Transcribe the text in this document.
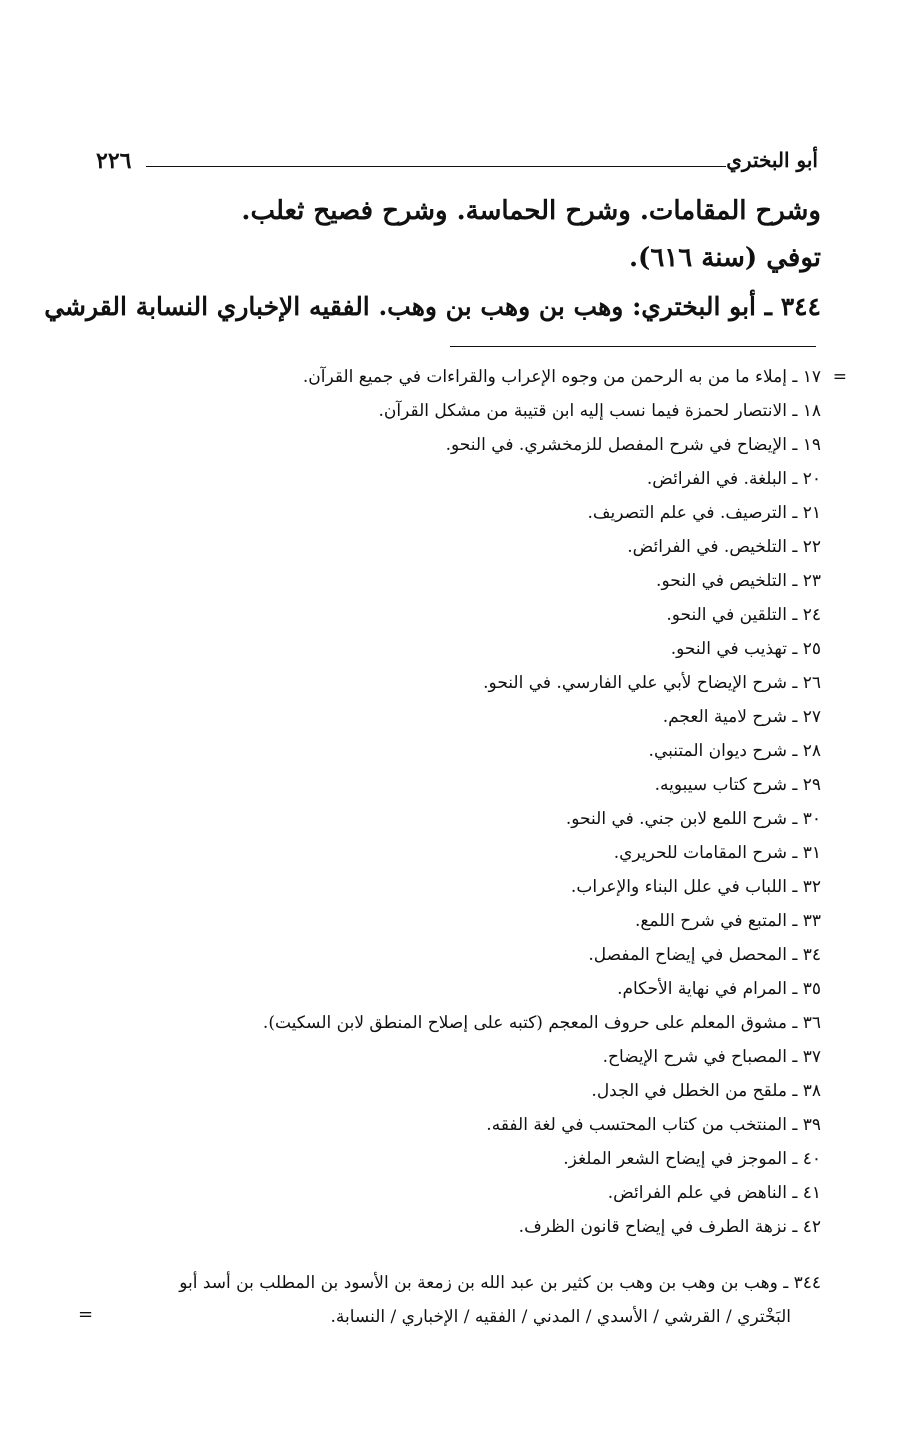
٢٢٦	أبو البختري
وشرح المقامات. وشرح الحماسة. وشرح فصيح ثعلب.
توفي (سنة ٦١٦).
٣٤٤ ـ أبو البختري: وهب بن وهب بن وهب. الفقيه الإخباري النسابة القرشي
=
١٧ ـ إملاء ما من به الرحمن من وجوه الإعراب والقراءات في جميع القرآن.
١٨ ـ الانتصار لحمزة فيما نسب إليه ابن قتيبة من مشكل القرآن.
١٩ ـ الإيضاح في شرح المفصل للزمخشري. في النحو.
٢٠ ـ البلغة. في الفرائض.
٢١ ـ الترصيف. في علم التصريف.
٢٢ ـ التلخيص. في الفرائض.
٢٣ ـ التلخيص في النحو.
٢٤ ـ التلقين في النحو.
٢٥ ـ تهذيب في النحو.
٢٦ ـ شرح الإيضاح لأبي علي الفارسي. في النحو.
٢٧ ـ شرح لامية العجم.
٢٨ ـ شرح ديوان المتنبي.
٢٩ ـ شرح كتاب سيبويه.
٣٠ ـ شرح اللمع لابن جني. في النحو.
٣١ ـ شرح المقامات للحريري.
٣٢ ـ اللباب في علل البناء والإعراب.
٣٣ ـ المتبع في شرح اللمع.
٣٤ ـ المحصل في إيضاح المفصل.
٣٥ ـ المرام في نهاية الأحكام.
٣٦ ـ مشوق المعلم على حروف المعجم (كتبه على إصلاح المنطق لابن السكيت).
٣٧ ـ المصباح في شرح الإيضاح.
٣٨ ـ ملقح من الخطل في الجدل.
٣٩ ـ المنتخب من كتاب المحتسب في لغة الفقه.
٤٠ ـ الموجز في إيضاح الشعر الملغز.
٤١ ـ الناهض في علم الفرائض.
٤٢ ـ نزهة الطرف في إيضاح قانون الظرف.
٣٤٤ ـ وهب بن وهب بن وهب بن كثير بن عبد الله بن زمعة بن الأسود بن المطلب بن أسد أبو
البَخْتري / القرشي / الأسدي / المدني / الفقيه / الإخباري / النسابة.
=
